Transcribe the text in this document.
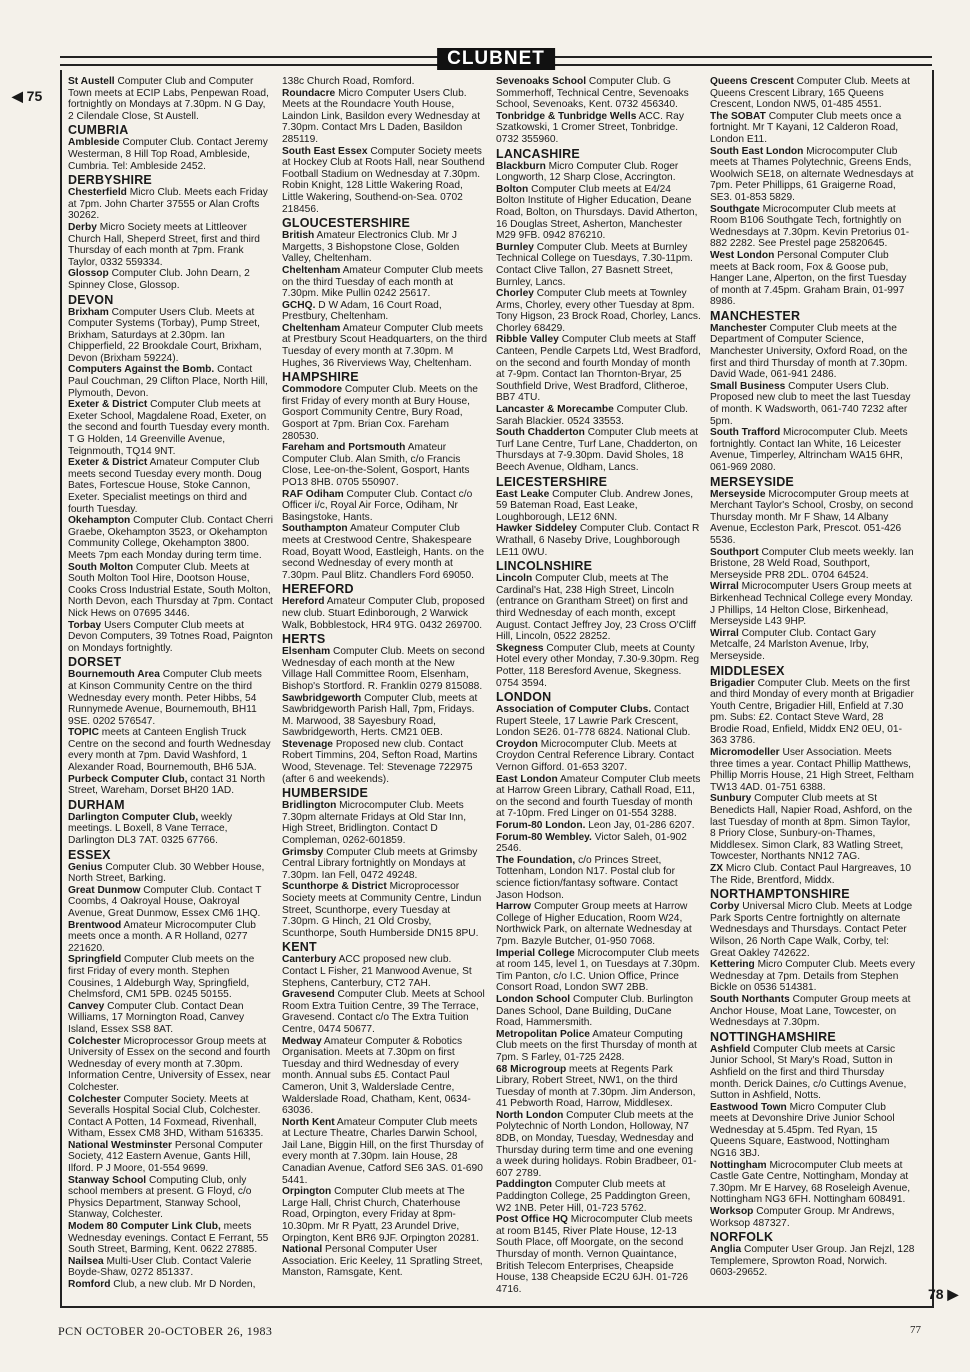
◀ 75
CLUBNET
St Austell Computer Club and Computer Town meets at ECIP Labs, Penpewan Road, fortnightly on Mondays at 7.30pm. N G Day, 2 Cilendale Close, St Austell.
CUMBRIA
Ambleside Computer Club. Contact Jeremy Westerman, 8 Hill Top Road, Ambleside, Cumbria. Tel: Ambleside 2452.
DERBYSHIRE
Chesterfield Micro Club. Meets each Friday at 7pm. John Charter 37555 or Alan Crofts 30262.
Derby Micro Society meets at Littleover Church Hall, Sheperd Street, first and third Thursday of each month at 7pm. Frank Taylor, 0332 559334.
Glossop Computer Club. John Dearn, 2 Spinney Close, Glossop.
DEVON
Brixham Computer Users Club. Meets at Computer Systems (Torbay), Pump Street, Brixham, Saturdays at 2.30pm. Ian Chipperfield, 22 Brookdale Court, Brixham, Devon (Brixham 59224).
Computers Against the Bomb. Contact Paul Couchman, 29 Clifton Place, North Hill, Plymouth, Devon.
Exeter & District Computer Club meets at Exeter School, Magdalene Road, Exeter, on the second and fourth Tuesday every month. T G Holden, 14 Greenville Avenue, Teignmouth, TQ14 9NT.
Exeter & District Amateur Computer Club meets second Tuesday every month. Doug Bates, Fortescue House, Stoke Cannon, Exeter. Specialist meetings on third and fourth Tuesday.
Okehampton Computer Club. Contact Cherri Graebe, Okehampton 3523, or Okehampton Community College, Okehampton 3800. Meets 7pm each Monday during term time.
South Molton Computer Club. Meets at South Molton Tool Hire, Dootson House, Cooks Cross Industrial Estate, South Molton, North Devon, each Thursday at 7pm. Contact Nick Hews on 07695 3446.
Torbay Users Computer Club meets at Devon Computers, 39 Totnes Road, Paignton on Mondays fortnightly.
DORSET
Bournemouth Area Computer Club meets at Kinson Community Centre on the third Wednesday every month. Peter Hibbs, 54 Runnymede Avenue, Bournemouth, BH11 9SE. 0202 576547.
TOPIC meets at Canteen English Truck Centre on the second and fourth Wednesday every month at 7pm. David Washford, 1 Alexander Road, Bournemouth, BH6 5JA.
Purbeck Computer Club, contact 31 North Street, Wareham, Dorset BH20 1AD.
DURHAM
Darlington Computer Club, weekly meetings. L Boxell, 8 Vane Terrace, Darlington DL3 7AT. 0325 67766.
ESSEX
Genius Computer Club. 30 Webber House, North Street, Barking.
Great Dunmow Computer Club. Contact T Coombs, 4 Oakroyal House, Oakroyal Avenue, Great Dunmow, Essex CM6 1HQ.
Brentwood Amateur Microcomputer Club meets once a month. A R Holland, 0277 221620.
Springfield Computer Club meets on the first Friday of every month. Stephen Cousines, 1 Aldeburgh Way, Springfield, Chelmsford, CM1 5PB. 0245 50155.
Canvey Computer Club. Contact Dean Williams, 17 Mornington Road, Canvey Island, Essex SS8 8AT.
Colchester Microprocessor Group meets at University of Essex on the second and fourth Wednesday of every month at 7.30pm. Information Centre, University of Essex, near Colchester.
Colchester Computer Society. Meets at Severalls Hospital Social Club, Colchester. Contact A Potten, 14 Foxmead, Rivenhall, Witham, Essex CM8 3HD, Witham 516335.
National Westminster Personal Computer Society, 412 Eastern Avenue, Gants Hill, Ilford. P J Moore, 01-554 9699.
Stanway School Computing Club, only school members at present. G Floyd, c/o Physics Department, Stanway School, Stanway, Colchester.
Modem 80 Computer Link Club, meets Wednesday evenings. Contact E Ferrant, 55 South Street, Barming, Kent. 0622 27885.
Nailsea Multi-User Club. Contact Valerie Boyde-Shaw, 0272 851337.
Romford Club, a new club. Mr D Norden,
138c Church Road, Romford.
Roundacre Micro Computer Users Club. Meets at the Roundacre Youth House, Laindon Link, Basildon every Wednesday at 7.30pm. Contact Mrs L Daden, Basildon 285119.
South East Essex Computer Society meets at Hockey Club at Roots Hall, near Southend Football Stadium on Wednesday at 7.30pm. Robin Knight, 128 Little Wakering Road, Little Wakering, Southend-on-Sea. 0702 218456.
GLOUCESTERSHIRE
British Amateur Electronics Club. Mr J Margetts, 3 Bishopstone Close, Golden Valley, Cheltenham.
Cheltenham Amateur Computer Club meets on the third Tuesday of each month at 7.30pm. Mike Pullin 0242 25617.
GCHQ. D W Adam, 16 Court Road, Prestbury, Cheltenham.
Cheltenham Amateur Computer Club meets at Prestbury Scout Headquarters, on the third Tuesday of every month at 7.30pm. M Hughes, 36 Riverviews Way, Cheltenham.
HAMPSHIRE
Commodore Computer Club. Meets on the first Friday of every month at Bury House, Gosport Community Centre, Bury Road, Gosport at 7pm. Brian Cox. Fareham 280530.
Fareham and Portsmouth Amateur Computer Club. Alan Smith, c/o Francis Close, Lee-on-the-Solent, Gosport, Hants PO13 8HB. 0705 550907.
RAF Odiham Computer Club. Contact c/o Officer i/c, Royal Air Force, Odiham, Nr Basingstoke, Hants.
Southampton Amateur Computer Club meets at Crestwood Centre, Shakespeare Road, Boyatt Wood, Eastleigh, Hants. on the second Wednesday of every month at 7.30pm. Paul Blitz. Chandlers Ford 69050.
HEREFORD
Hereford Amateur Computer Club, proposed new club. Stuart Edinborough, 2 Warwick Walk, Bobblestock, HR4 9TG. 0432 269700.
HERTS
Elsenham Computer Club. Meets on second Wednesday of each month at the New Village Hall Committee Room, Elsenham, Bishop's Stortford. R. Franklin 0279 815088.
Sawbridgeworth Computer Club, meets at Sawbridgeworth Parish Hall, 7pm, Fridays. M. Marwood, 38 Sayesbury Road, Sawbridgeworth, Herts. CM21 0EB.
Stevenage Proposed new club. Contact Robert Timmins, 204, Sefton Road, Martins Wood, Stevenage. Tel: Stevenage 722975 (after 6 and weekends).
HUMBERSIDE
Bridlington Microcomputer Club. Meets 7.30pm alternate Fridays at Old Star Inn, High Street, Bridlington. Contact D Compleman, 0262-601859.
Grimsby Computer Club meets at Grimsby Central Library fortnightly on Mondays at 7.30pm. Ian Fell, 0472 49248.
Scunthorpe & District Microprocessor Society meets at Community Centre, Lindun Street, Scunthorpe, every Tuesday at 7.30pm. G Hinch, 21 Old Crosby, Scunthorpe, South Humberside DN15 8PU.
KENT
Canterbury ACC proposed new club. Contact L Fisher, 21 Manwood Avenue, St Stephens, Canterbury, CT2 7AH.
Gravesend Computer Club. Meets at School Room Extra Tuition Centre, 39 The Terrace, Gravesend. Contact c/o The Extra Tuition Centre, 0474 50677.
Medway Amateur Computer & Robotics Organisation. Meets at 7.30pm on first Tuesday and third Wednesday of every month. Annual subs £5. Contact Paul Cameron, Unit 3, Walderslade Centre, Walderslade Road, Chatham, Kent, 0634-63036.
North Kent Amateur Computer Club meets at Lecture Theatre, Charles Darwin School, Jail Lane, Biggin Hill, on the first Thursday of every month at 7.30pm. Iain House, 28 Canadian Avenue, Catford SE6 3AS. 01-690 5441.
Orpington Computer Club meets at The Large Hall, Christ Church, Chaterhouse Road, Orpington, every Friday at 8pm-10.30pm. Mr R Pyatt, 23 Arundel Drive, Orpington, Kent BR6 9JF. Orpington 20281.
National Personal Computer User Association. Eric Keeley, 11 Spratling Street, Manston, Ramsgate, Kent.
Sevenoaks School Computer Club. G Sommerhoff, Technical Centre, Sevenoaks School, Sevenoaks, Kent. 0732 456340.
Tonbridge & Tunbridge Wells ACC. Ray Szatkowski, 1 Cromer Street, Tonbridge. 0732 355960.
LANCASHIRE
Blackburn Micro Computer Club. Roger Longworth, 12 Sharp Close, Accrington.
Bolton Computer Club meets at E4/24 Bolton Institute of Higher Education, Deane Road, Bolton, on Thursdays. David Atherton, 16 Douglas Street, Asherton, Manchester M29 9FB. 0942 876210.
Burnley Computer Club. Meets at Burnley Technical College on Tuesdays, 7.30-11pm. Contact Clive Tallon, 27 Basnett Street, Burnley, Lancs.
Chorley Computer Club meets at Townley Arms, Chorley, every other Tuesday at 8pm. Tony Higson, 23 Brock Road, Chorley, Lancs. Chorley 68429.
Ribble Valley Computer Club meets at Staff Canteen, Pendle Carpets Ltd, West Bradford, on the second and fourth Monday of month at 7-9pm. Contact Ian Thornton-Bryar, 25 Southfield Drive, West Bradford, Clitheroe, BB7 4TU.
Lancaster & Morecambe Computer Club. Sarah Blackier. 0524 33553.
South Chadderton Computer Club meets at Turf Lane Centre, Turf Lane, Chadderton, on Thursdays at 7-9.30pm. David Sholes, 18 Beech Avenue, Oldham, Lancs.
LEICESTERSHIRE
East Leake Computer Club. Andrew Jones, 59 Bateman Road, East Leake, Loughborough, LE12 6NN.
Hawker Siddeley Computer Club. Contact R Wrathall, 6 Naseby Drive, Loughborough LE11 0WU.
LINCOLNSHIRE
Lincoln Computer Club, meets at The Cardinal's Hat, 238 High Street, Lincoln (entrance on Grantham Street) on first and third Wednesday of each month, except August. Contact Jeffrey Joy, 23 Cross O'Cliff Hill, Lincoln, 0522 28252.
Skegness Computer Club, meets at County Hotel every other Monday, 7.30-9.30pm. Reg Potter, 118 Beresford Avenue, Skegness. 0754 3594.
LONDON
Association of Computer Clubs. Contact Rupert Steele, 17 Lawrie Park Crescent, London SE26. 01-778 6824. National Club.
Croydon Microcomputer Club. Meets at Croydon Central Reference Library. Contact Vernon Gifford. 01-653 3207.
East London Amateur Computer Club meets at Harrow Green Library, Cathall Road, E11, on the second and fourth Tuesday of month at 7-10pm. Fred Linger on 01-554 3288.
Forum-80 London. Leon Jay, 01-286 6207.
Forum-80 Wembley. Victor Saleh, 01-902 2546.
The Foundation, c/o Princes Street, Tottenham, London N17. Postal club for science fiction/fantasy software. Contact Jason Hodson.
Harrow Computer Group meets at Harrow College of Higher Education, Room W24, Northwick Park, on alternate Wednesday at 7pm. Bazyle Butcher, 01-950 7068.
Imperial College Microcomputer Club meets at room 145, level 1, on Tuesdays at 7.30pm. Tim Panton, c/o I.C. Union Office, Prince Consort Road, London SW7 2BB.
London School Computer Club. Burlington Danes School, Dane Building, DuCane Road, Hammersmith.
Metropolitan Police Amateur Computing Club meets on the first Thursday of month at 7pm. S Farley, 01-725 2428.
68 Microgroup meets at Regents Park Library, Robert Street, NW1, on the third Tuesday of month at 7.30pm. Jim Anderson, 41 Pebworth Road, Harrow, Middlesex.
North London Computer Club meets at the Polytechnic of North London, Holloway, N7 8DB, on Monday, Tuesday, Wednesday and Thursday during term time and one evening a week during holidays. Robin Bradbeer, 01-607 2789.
Paddington Computer Club meets at Paddington College, 25 Paddington Green, W2 1NB. Peter Hill, 01-723 5762.
Post Office HQ Microcomputer Club meets at room B145, River Plate House, 12-13 South Place, off Moorgate, on the second Thursday of month. Vernon Quaintance, British Telecom Enterprises, Cheapside House, 138 Cheapside EC2U 6JH. 01-726 4716.
Queens Crescent Computer Club. Meets at Queens Crescent Library, 165 Queens Crescent, London NW5, 01-485 4551.
The SOBAT Computer Club meets once a fortnight. Mr T Kayani, 12 Calderon Road, London E11.
South East London Microcomputer Club meets at Thames Polytechnic, Greens Ends, Woolwich SE18, on alternate Wednesdays at 7pm. Peter Phillipps, 61 Graigerne Road, SE3. 01-853 5829.
Southgate Microcomputer Club meets at Room B106 Southgate Tech, fortnightly on Wednesdays at 7.30pm. Kevin Pretorius 01-882 2282. See Prestel page 25820645.
West London Personal Computer Club meets at Back room, Fox & Goose pub, Hanger Lane, Alperton, on the first Tuesday of month at 7.45pm. Graham Brain, 01-997 8986.
MANCHESTER
Manchester Computer Club meets at the Department of Computer Science, Manchester University, Oxford Road, on the first and third Thursday of month at 7.30pm. David Wade, 061-941 2486.
Small Business Computer Users Club. Proposed new club to meet the last Tuesday of month. K Wadsworth, 061-740 7232 after 5pm.
South Trafford Microcomputer Club. Meets fortnightly. Contact Ian White, 16 Leicester Avenue, Timperley, Altrincham WA15 6HR, 061-969 2080.
MERSEYSIDE
Merseyside Microcomputer Group meets at Merchant Taylor's School, Crosby, on second Thursday month. Mr F Shaw, 14 Albany Avenue, Eccleston Park, Prescot. 051-426 5536.
Southport Computer Club meets weekly. Ian Bristone, 28 Weld Road, Southport, Merseyside PR8 2DL. 0704 64524.
Wirral Microcomputer Users Group meets at Birkenhead Technical College every Monday. J Phillips, 14 Helton Close, Birkenhead, Merseyside L43 9HP.
Wirral Computer Club. Contact Gary Metcalfe, 24 Marlston Avenue, Irby, Merseyside.
MIDDLESEX
Brigadier Computer Club. Meets on the first and third Monday of every month at Brigadier Youth Centre, Brigadier Hill, Enfield at 7.30 pm. Subs: £2. Contact Steve Ward, 28 Brodie Road, Enfield, Middx EN2 0EU, 01-363 3786.
Micromodeller User Association. Meets three times a year. Contact Phillip Matthews, Phillip Morris House, 21 High Street, Feltham TW13 4AD. 01-751 6388.
Sunbury Computer Club meets at St Benedicts Hall, Napier Road, Ashford, on the last Tuesday of month at 8pm. Simon Taylor, 8 Priory Close, Sunbury-on-Thames, Middlesex. Simon Clark, 83 Watling Street, Towcester, Northants NN12 7AG.
ZX Micro Club. Contact Paul Hargreaves, 10 The Ride, Brentford, Middx.
NORTHAMPTONSHIRE
Corby Universal Micro Club. Meets at Lodge Park Sports Centre fortnightly on alternate Wednesdays and Thursdays. Contact Peter Wilson, 26 North Cape Walk, Corby, tel: Great Oakley 742622.
Kettering Micro Computer Club. Meets every Wednesday at 7pm. Details from Stephen Bickle on 0536 514381.
South Northants Computer Group meets at Anchor House, Moat Lane, Towcester, on Wednesdays at 7.30pm.
NOTTINGHAMSHIRE
Ashfield Computer Club meets at Carsic Junior School, St Mary's Road, Sutton in Ashfield on the first and third Thursday month. Derick Daines, c/o Cuttings Avenue, Sutton in Ashfield, Notts.
Eastwood Town Micro Computer Club meets at Devonshire Drive Junior School Wednesday at 5.45pm. Ted Ryan, 15 Queens Square, Eastwood, Nottingham NG16 3BJ.
Nottingham Microcomputer Club meets at Castle Gate Centre, Nottingham, Monday at 7.30pm. Mr E Harvey, 68 Roseleigh Avenue, Nottingham NG3 6FH. Nottingham 608491.
Worksop Computer Group. Mr Andrews, Worksop 487327.
NORFOLK
Anglia Computer User Group. Jan Rejzl, 128 Templemere, Sprowton Road, Norwich. 0603-29652.
78 ▶
PCN OCTOBER 20-OCTOBER 26, 1983	77
